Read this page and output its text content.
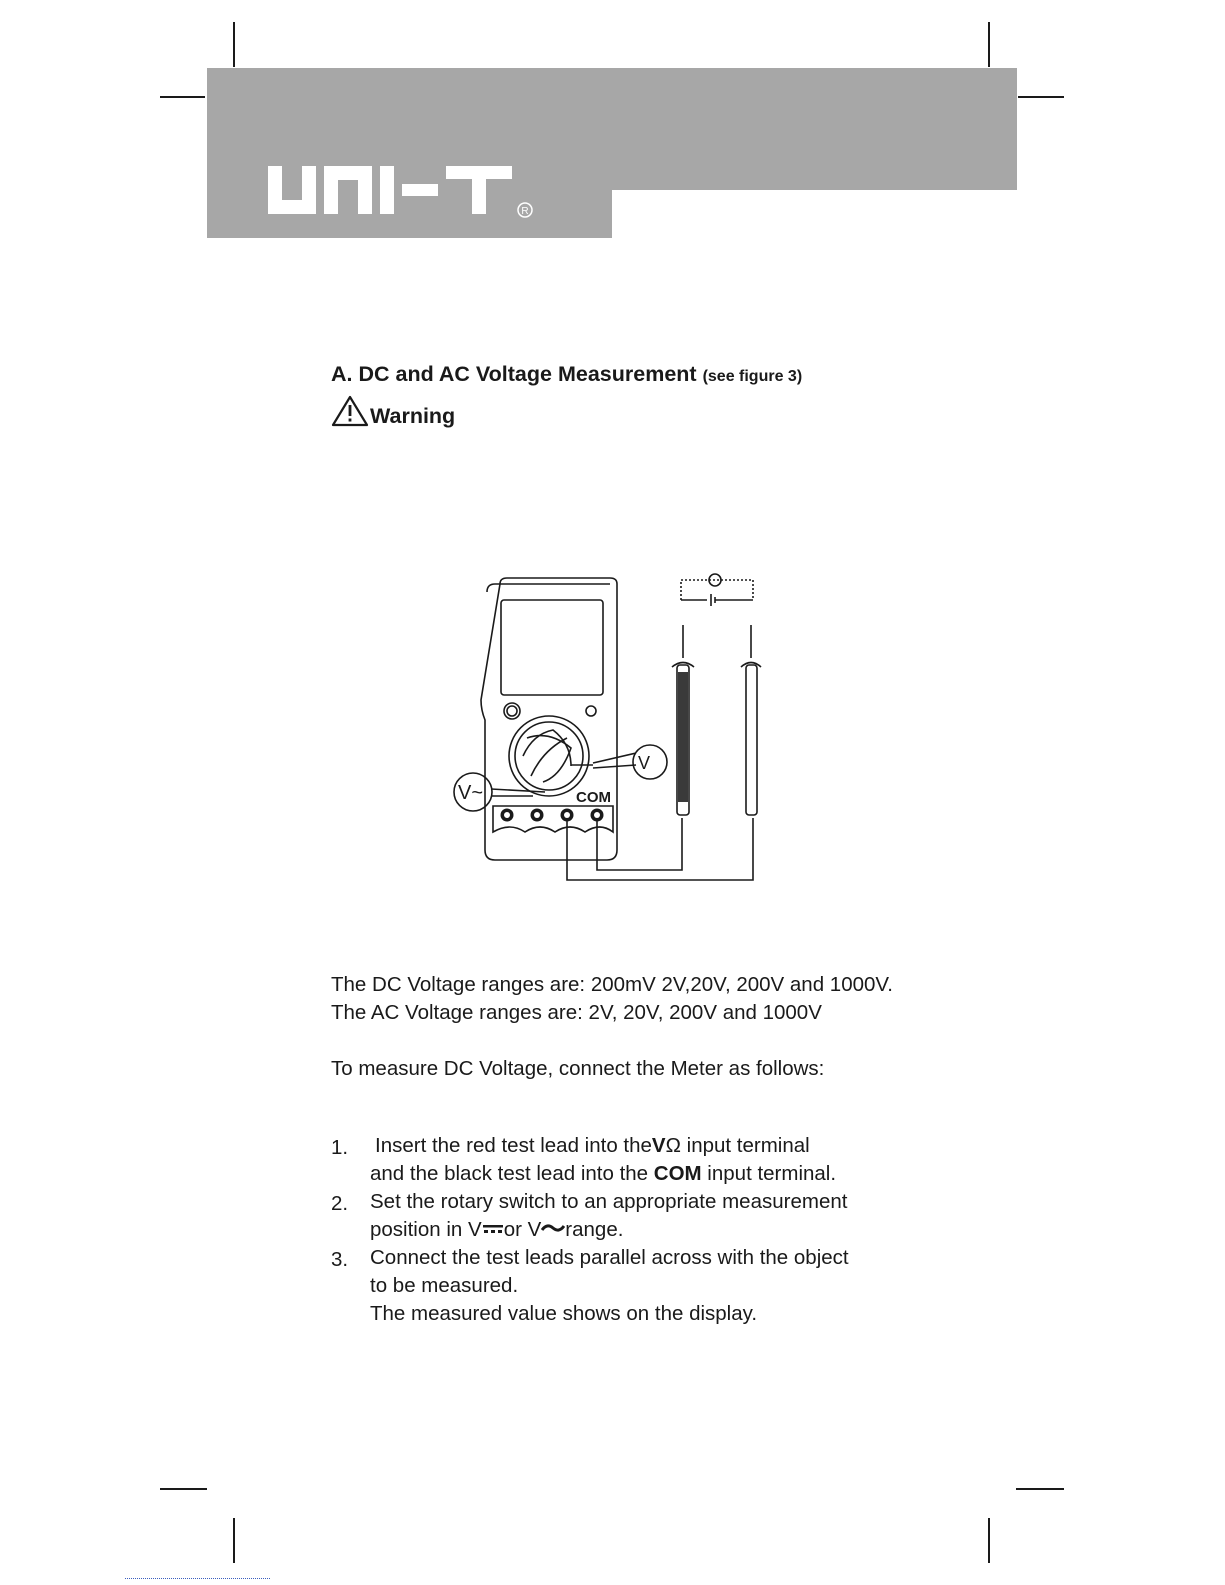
R
A. DC and AC Voltage Measurement (see figure 3)
Warning
COM
V
V~
The DC Voltage ranges are: 200mV 2V,20V, 200V and 1000V.
The AC Voltage ranges are: 2V, 20V, 200V and 1000V
To measure DC Voltage, connect the Meter as follows:
1. Insert the red test lead into theVΩ input terminal
and the black test lead into the COM input terminal.
2. Set the rotary switch to an appropriate measurement
position in V or V range.
3. Connect the test leads parallel across with the object
to be measured.
The measured value shows on the display.
